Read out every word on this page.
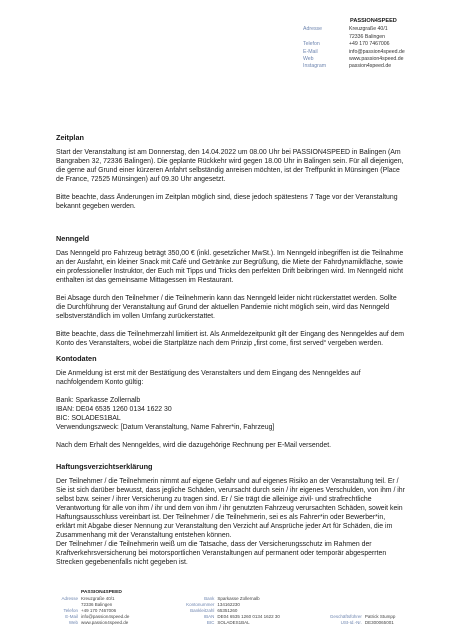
PASSION4SPEED
Adresse	Kreuzgraße 40/1
72336 Balingen
Telefon	+49 170 7467006
E-Mail	info@passion4speed.de
Web	www.passion4speed.de
Instagram	passion4speed.de
Zeitplan

Start der Veranstaltung ist am Donnerstag, den 14.04.2022 um 08.00 Uhr bei PASSION4SPEED in Balingen (Am Bangraben 32, 72336 Balingen). Die geplante Rückkehr wird gegen 18.00 Uhr in Balingen sein. Für all diejenigen, die gerne auf Grund einer kürzeren Anfahrt selbständig anreisen möchten, ist der Treffpunkt in Münsingen (Place de France, 72525 Münsingen) auf 09.30 Uhr angesetzt.

Bitte beachte, dass Änderungen im Zeitplan möglich sind, diese jedoch spätestens 7 Tage vor der Veranstaltung bekannt gegeben werden.

Nenngeld

Das Nenngeld pro Fahrzeug beträgt 350,00 € (inkl. gesetzlicher MwSt.). Im Nenngeld inbegriffen ist die Teilnahme an der Ausfahrt, ein kleiner Snack mit Café und Getränke zur Begrüßung, die Miete der Fahrdynamikfläche, sowie ein professioneller Instruktor, der Euch mit Tipps und Tricks den perfekten Drift beibringen wird. Im Nenngeld nicht enthalten ist das gemeinsame Mittagessen im Restaurant.

Bei Absage durch den Teilnehmer / die Teilnehmerin kann das Nenngeld leider nicht rückerstattet werden. Sollte die Durchführung der Veranstaltung auf Grund der aktuellen Pandemie nicht möglich sein, wird das Nenngeld selbstverständlich im vollen Umfang zurückerstattet.

Bitte beachte, dass die Teilnehmerzahl limitiert ist. Als Anmeldezeitpunkt gilt der Eingang des Nenngeldes auf dem Konto des Veranstalters, wobei die Startplätze nach dem Prinzip „first come, first served“ vergeben werden.

Kontodaten

Die Anmeldung ist erst mit der Bestätigung des Veranstalters und dem Eingang des Nenngeldes auf nachfolgendem Konto gültig:

Bank: Sparkasse Zollernalb
IBAN: DE04 6535 1260 0134 1622 30
BIC: SOLADES1BAL
Verwendungszweck: [Datum Veranstaltung, Name Fahrer*in, Fahrzeug]

Nach dem Erhalt des Nenngeldes, wird die dazugehörige Rechnung per E-Mail versendet.

Haftungsverzichtserklärung

Der Teilnehmer / die Teilnehmerin nimmt auf eigene Gefahr und auf eigenes Risiko an der Veranstaltung teil. Er / Sie ist sich darüber bewusst, dass jegliche Schäden, verursacht durch sein / ihr eigenes Verschulden, von ihm / ihr selbst bzw. seiner / ihrer Versicherung zu tragen sind. Er / Sie trägt die alleinige zivil- und strafrechtliche Verantwortung für alle von ihm / ihr und dem von ihm / ihr genutzten Fahrzeug verursachten Schäden, soweit kein Haftungsausschluss vereinbart ist. Der Teilnehmer / die Teilnehmerin, sei es als Fahrer*in oder Bewerber*in, erklärt mit Abgabe dieser Nennung zur Veranstaltung den Verzicht auf Ansprüche jeder Art für Schäden, die im Zusammenhang mit der Veranstaltung entstehen können.

Der Teilnehmer / die Teilnehmerin weiß um die Tatsache, dass der Versicherungsschutz im Rahmen der Kraftverkehrsversicherung bei motorsportlichen Veranstaltungen auf permanent oder temporär abgesperrten Strecken gegebenenfalls nicht gegeben ist.

PASSION4SPEED
Adresse Kreuzgraße 40/1
72336 Balingen
Telefon +49 170 7467006
E-Mail info@passion4speed.de
Web www.passion4speed.de
Bank Sparkasse Zollernalb
Kontonummer 134162230
Bankleitzahl 65351260
IBAN DE04 6535 1260 0134 1622 30
BIC SOLADES1BAL

Geschäftsführer Patrick Stumpp
USt-Id.-Nr. DE300065001
